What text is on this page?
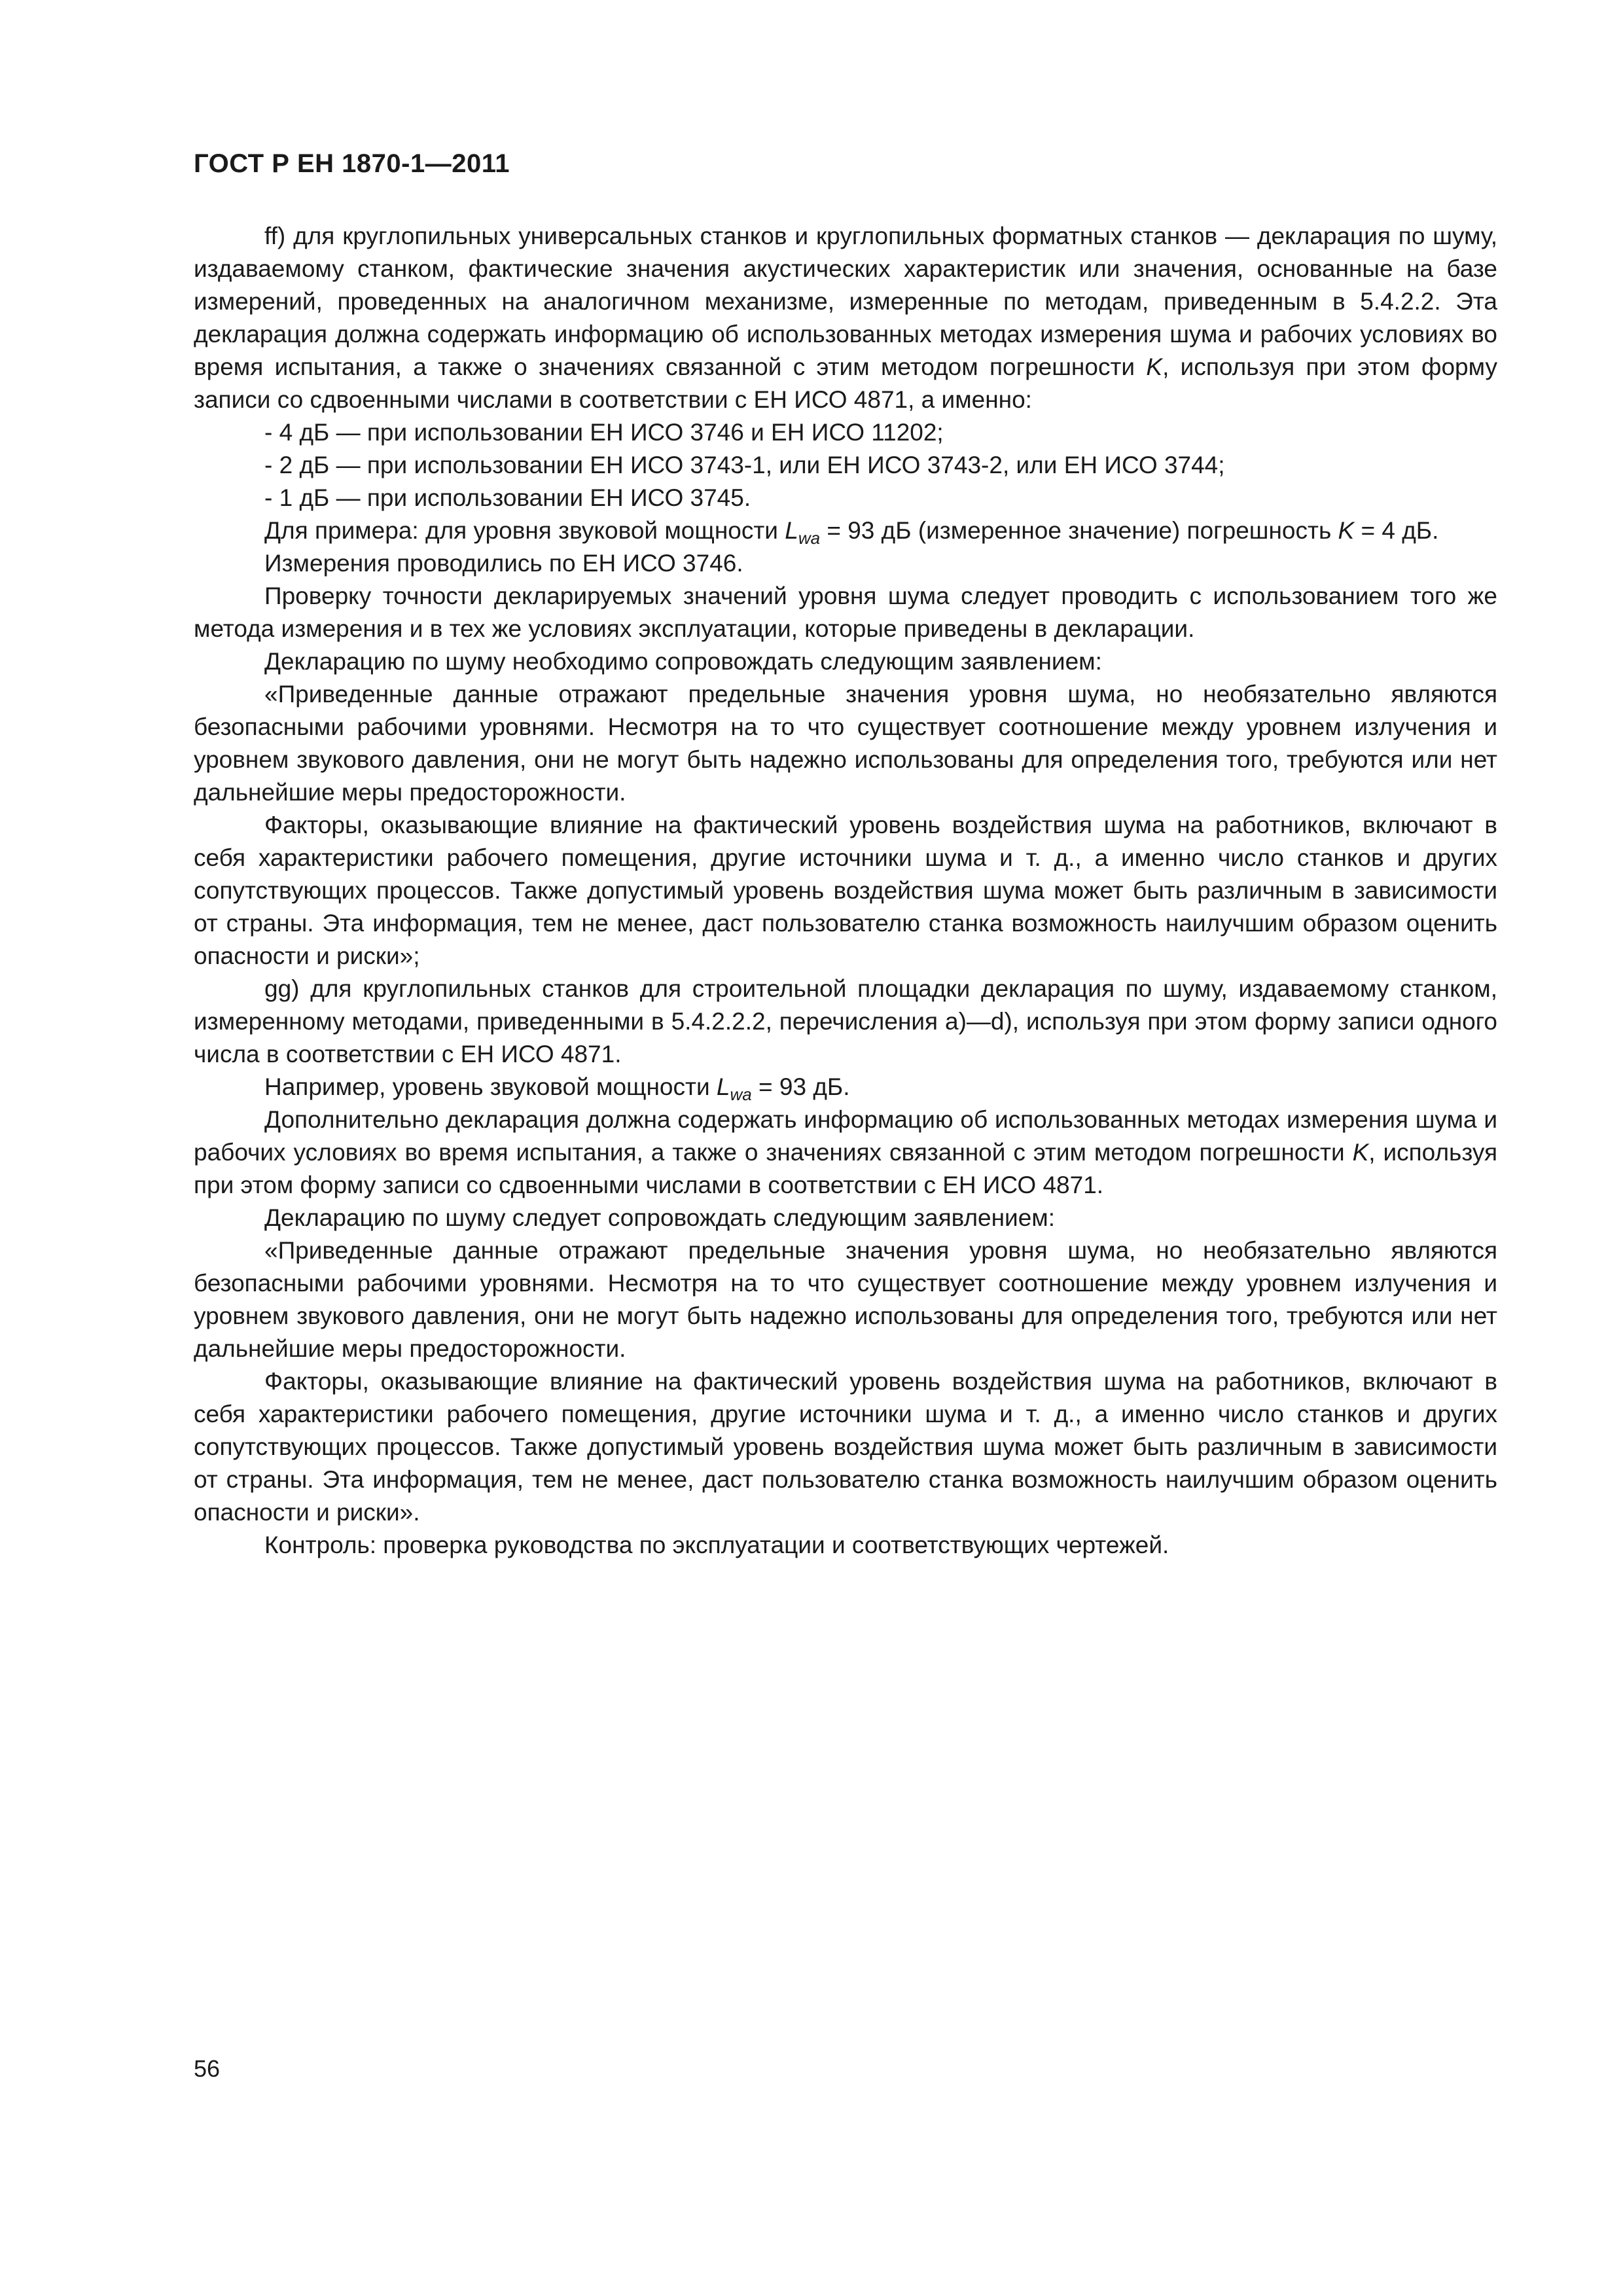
ГОСТ Р ЕН 1870-1—2011

ff) для круглопильных универсальных станков и круглопильных форматных станков — декларация по шуму, издаваемому станком, фактические значения акустических характеристик или значения, основанные на базе измерений, проведенных на аналогичном механизме, измеренные по методам, приведенным в 5.4.2.2. Эта декларация должна содержать информацию об использованных методах измерения шума и рабочих условиях во время испытания, а также о значениях связанной с этим методом погрешности K, используя при этом форму записи со сдвоенными числами в соответствии с ЕН ИСО 4871, а именно:

- 4 дБ — при использовании ЕН ИСО 3746 и ЕН ИСО 11202;

- 2 дБ — при использовании ЕН ИСО 3743-1, или ЕН ИСО 3743-2, или ЕН ИСО 3744;

- 1 дБ — при использовании ЕН ИСО 3745.

Для примера: для уровня звуковой мощности $L_{wa} = 93$ дБ (измеренное значение) погрешность K = 4 дБ.

Измерения проводились по ЕН ИСО 3746.

Проверку точности декларируемых значений уровня шума следует проводить с использованием того же метода измерения и в тех же условиях эксплуатации, которые приведены в декларации.

Декларацию по шуму необходимо сопровождать следующим заявлением:

«Приведенные данные отражают предельные значения уровня шума, но необязательно являются безопасными рабочими уровнями. Несмотря на то что существует соотношение между уровнем излучения и уровнем звукового давления, они не могут быть надежно использованы для определения того, требуются или нет дальнейшие меры предосторожности.

Факторы, оказывающие влияние на фактический уровень воздействия шума на работников, включают в себя характеристики рабочего помещения, другие источники шума и т. д., а именно число станков и других сопутствующих процессов. Также допустимый уровень воздействия шума может быть различным в зависимости от страны. Эта информация, тем не менее, даст пользователю станка возможность наилучшим образом оценить опасности и риски»;

gg) для круглопильных станков для строительной площадки декларация по шуму, издаваемому станком, измеренному методами, приведенными в 5.4.2.2.2, перечисления а)—d), используя при этом форму записи одного числа в соответствии с ЕН ИСО 4871.

Например, уровень звуковой мощности $L_{wa} = 93$ дБ.

Дополнительно декларация должна содержать информацию об использованных методах измерения шума и рабочих условиях во время испытания, а также о значениях связанной с этим методом погрешности K, используя при этом форму записи со сдвоенными числами в соответствии с ЕН ИСО 4871.

Декларацию по шуму следует сопровождать следующим заявлением:

«Приведенные данные отражают предельные значения уровня шума, но необязательно являются безопасными рабочими уровнями. Несмотря на то что существует соотношение между уровнем излучения и уровнем звукового давления, они не могут быть надежно использованы для определения того, требуются или нет дальнейшие меры предосторожности.

Факторы, оказывающие влияние на фактический уровень воздействия шума на работников, включают в себя характеристики рабочего помещения, другие источники шума и т. д., а именно число станков и других сопутствующих процессов. Также допустимый уровень воздействия шума может быть различным в зависимости от страны. Эта информация, тем не менее, даст пользователю станка возможность наилучшим образом оценить опасности и риски».

Контроль: проверка руководства по эксплуатации и соответствующих чертежей.

56
